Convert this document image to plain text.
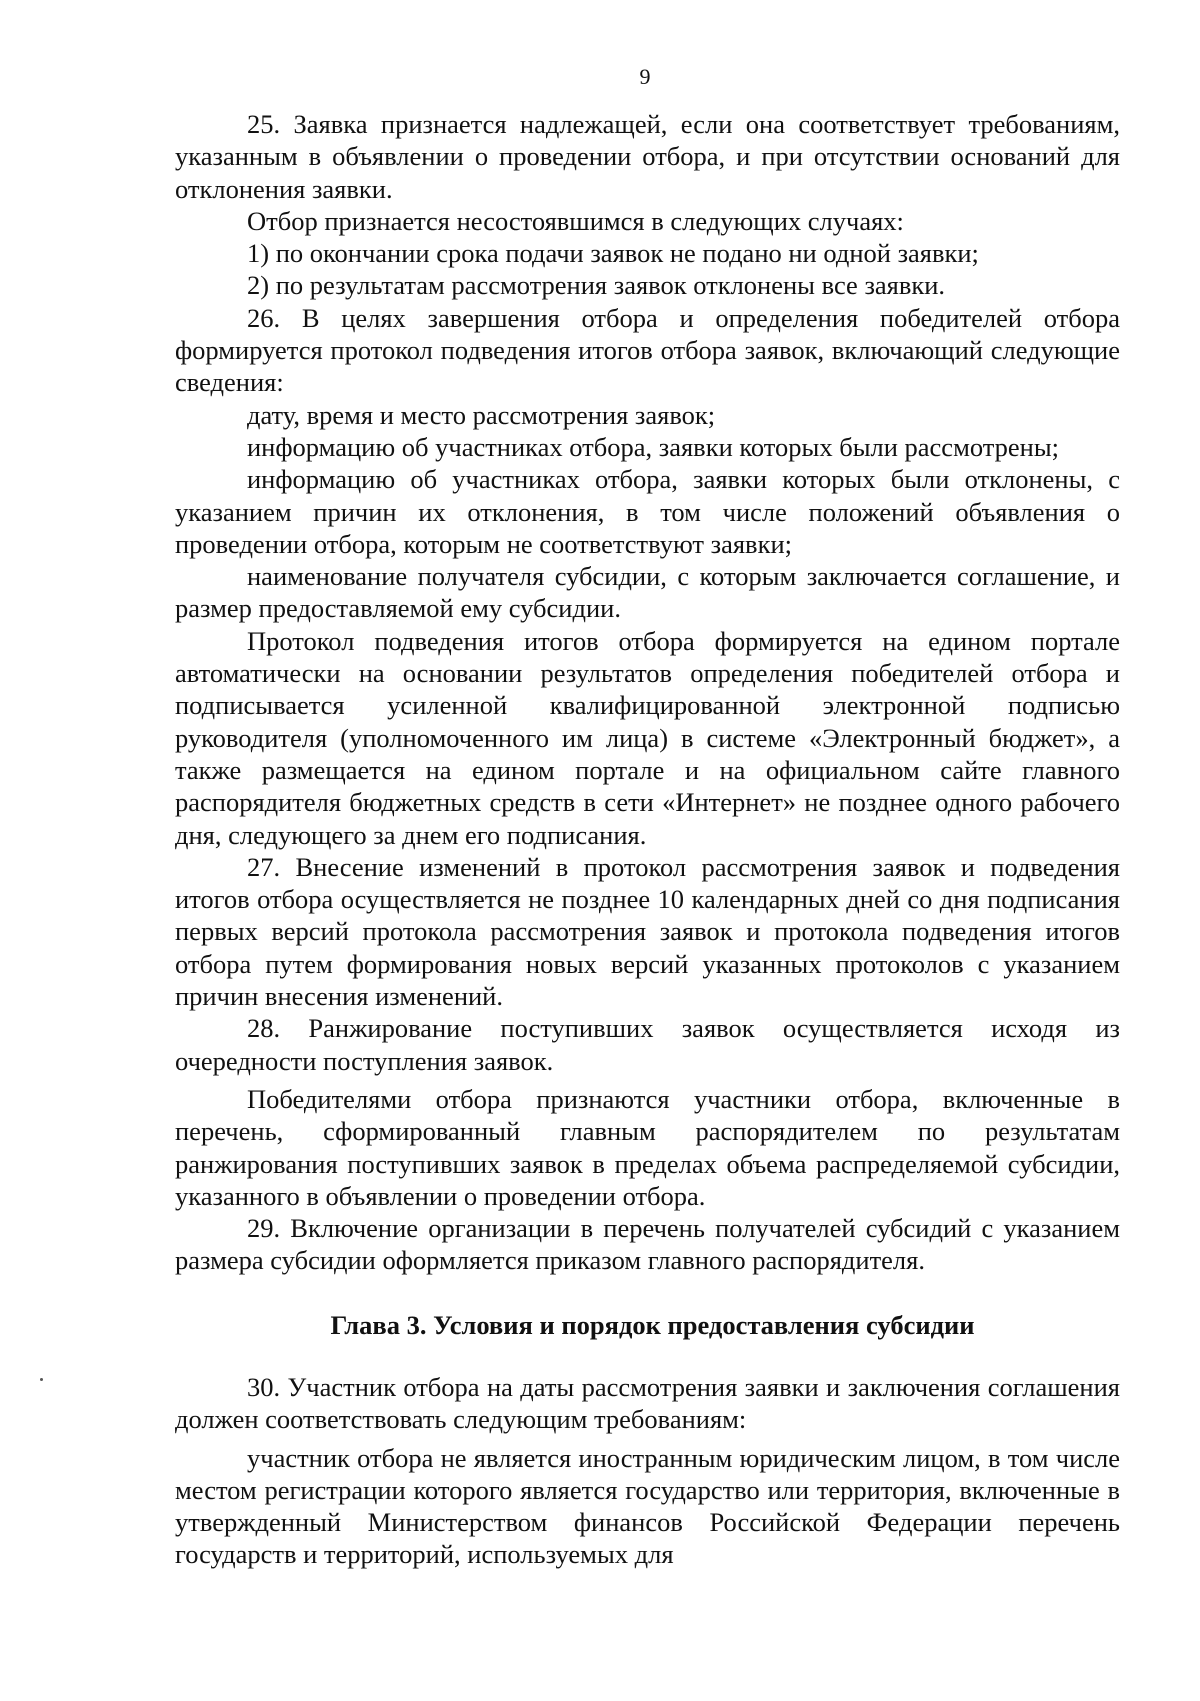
9

25. Заявка признается надлежащей, если она соответствует требованиям, указанным в объявлении о проведении отбора, и при отсутствии оснований для отклонения заявки.

Отбор признается несостоявшимся в следующих случаях:

1) по окончании срока подачи заявок не подано ни одной заявки;

2) по результатам рассмотрения заявок отклонены все заявки.

26. В целях завершения отбора и определения победителей отбора формируется протокол подведения итогов отбора заявок, включающий следующие сведения:

дату, время и место рассмотрения заявок;

информацию об участниках отбора, заявки которых были рассмотрены;

информацию об участниках отбора, заявки которых были отклонены, с указанием причин их отклонения, в том числе положений объявления о проведении отбора, которым не соответствуют заявки;

наименование получателя субсидии, с которым заключается соглашение, и размер предоставляемой ему субсидии.

Протокол подведения итогов отбора формируется на едином портале автоматически на основании результатов определения победителей отбора и подписывается усиленной квалифицированной электронной подписью руководителя (уполномоченного им лица) в системе «Электронный бюджет», а также размещается на едином портале и на официальном сайте главного распорядителя бюджетных средств в сети «Интернет» не позднее одного рабочего дня, следующего за днем его подписания.

27. Внесение изменений в протокол рассмотрения заявок и подведения итогов отбора осуществляется не позднее 10 календарных дней со дня подписания первых версий протокола рассмотрения заявок и протокола подведения итогов отбора путем формирования новых версий указанных протоколов с указанием причин внесения изменений.

28. Ранжирование поступивших заявок осуществляется исходя из очередности поступления заявок.

Победителями отбора признаются участники отбора, включенные в перечень, сформированный главным распорядителем по результатам ранжирования поступивших заявок в пределах объема распределяемой субсидии, указанного в объявлении о проведении отбора.

29. Включение организации в перечень получателей субсидий с указанием размера субсидии оформляется приказом главного распорядителя.

Глава 3. Условия и порядок предоставления субсидии

30. Участник отбора на даты рассмотрения заявки и заключения соглашения должен соответствовать следующим требованиям:

участник отбора не является иностранным юридическим лицом, в том числе местом регистрации которого является государство или территория, включенные в утвержденный Министерством финансов Российской Федерации перечень государств и территорий, используемых для
